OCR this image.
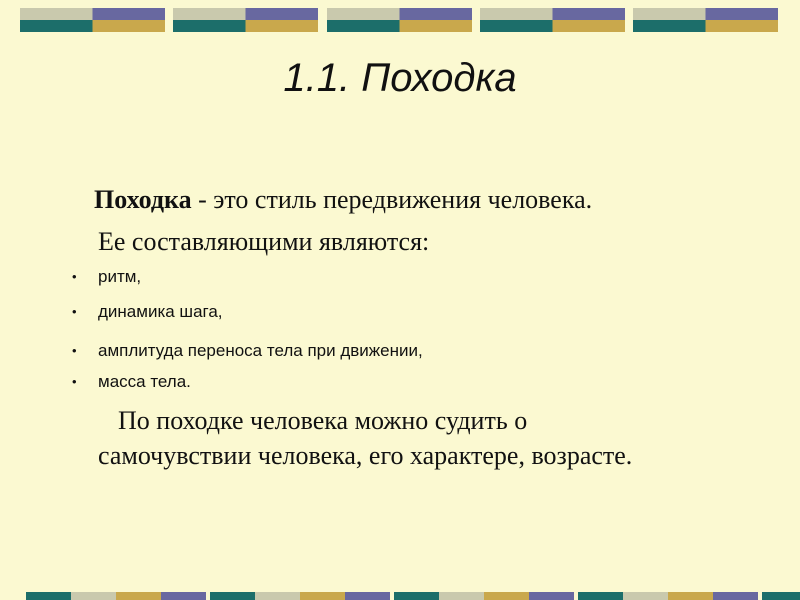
1.1. Походка

Походка - это стиль передвижения человека.

Ее составляющими являются:

•	ритм,
•	динамика шага,
•	амплитуда переноса тела при движении,
•	масса тела.

По походке человека можно судить о самочувствии человека, его характере, возрасте.
